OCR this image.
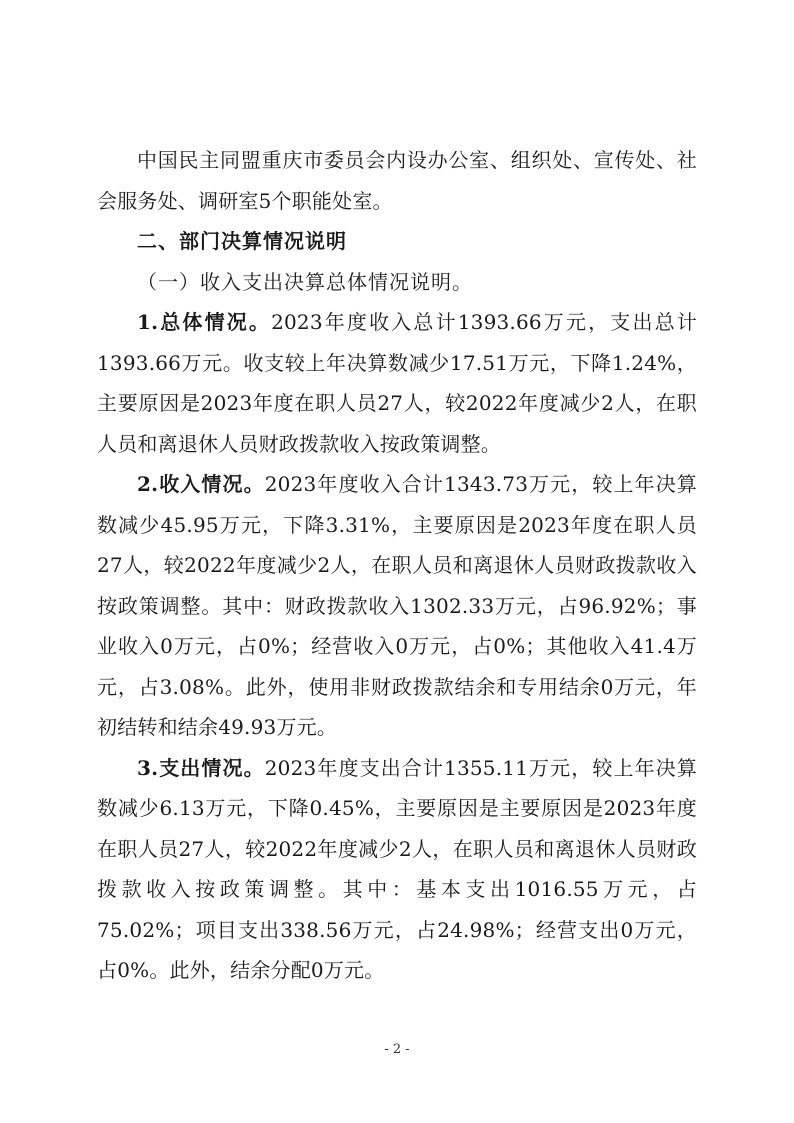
中国民主同盟重庆市委员会内设办公室、组织处、宣传处、社会服务处、调研室5个职能处室。

二、部门决算情况说明

（一）收入支出决算总体情况说明。

1.总体情况。2023年度收入总计1393.66万元，支出总计1393.66万元。收支较上年决算数减少17.51万元，下降1.24%，主要原因是2023年度在职人员27人，较2022年度减少2人，在职人员和离退休人员财政拨款收入按政策调整。

2.收入情况。2023年度收入合计1343.73万元，较上年决算数减少45.95万元，下降3.31%，主要原因是2023年度在职人员27人，较2022年度减少2人，在职人员和离退休人员财政拨款收入按政策调整。其中：财政拨款收入1302.33万元，占96.92%；事业收入0万元，占0%；经营收入0万元，占0%；其他收入41.4万元，占3.08%。此外，使用非财政拨款结余和专用结余0万元，年初结转和结余49.93万元。

3.支出情况。2023年度支出合计1355.11万元，较上年决算数减少6.13万元，下降0.45%，主要原因是主要原因是2023年度在职人员27人，较2022年度减少2人，在职人员和离退休人员财政拨款收入按政策调整。其中：基本支出1016.55万元，占75.02%；项目支出338.56万元，占24.98%；经营支出0万元，占0%。此外，结余分配0万元。

- 2 -
